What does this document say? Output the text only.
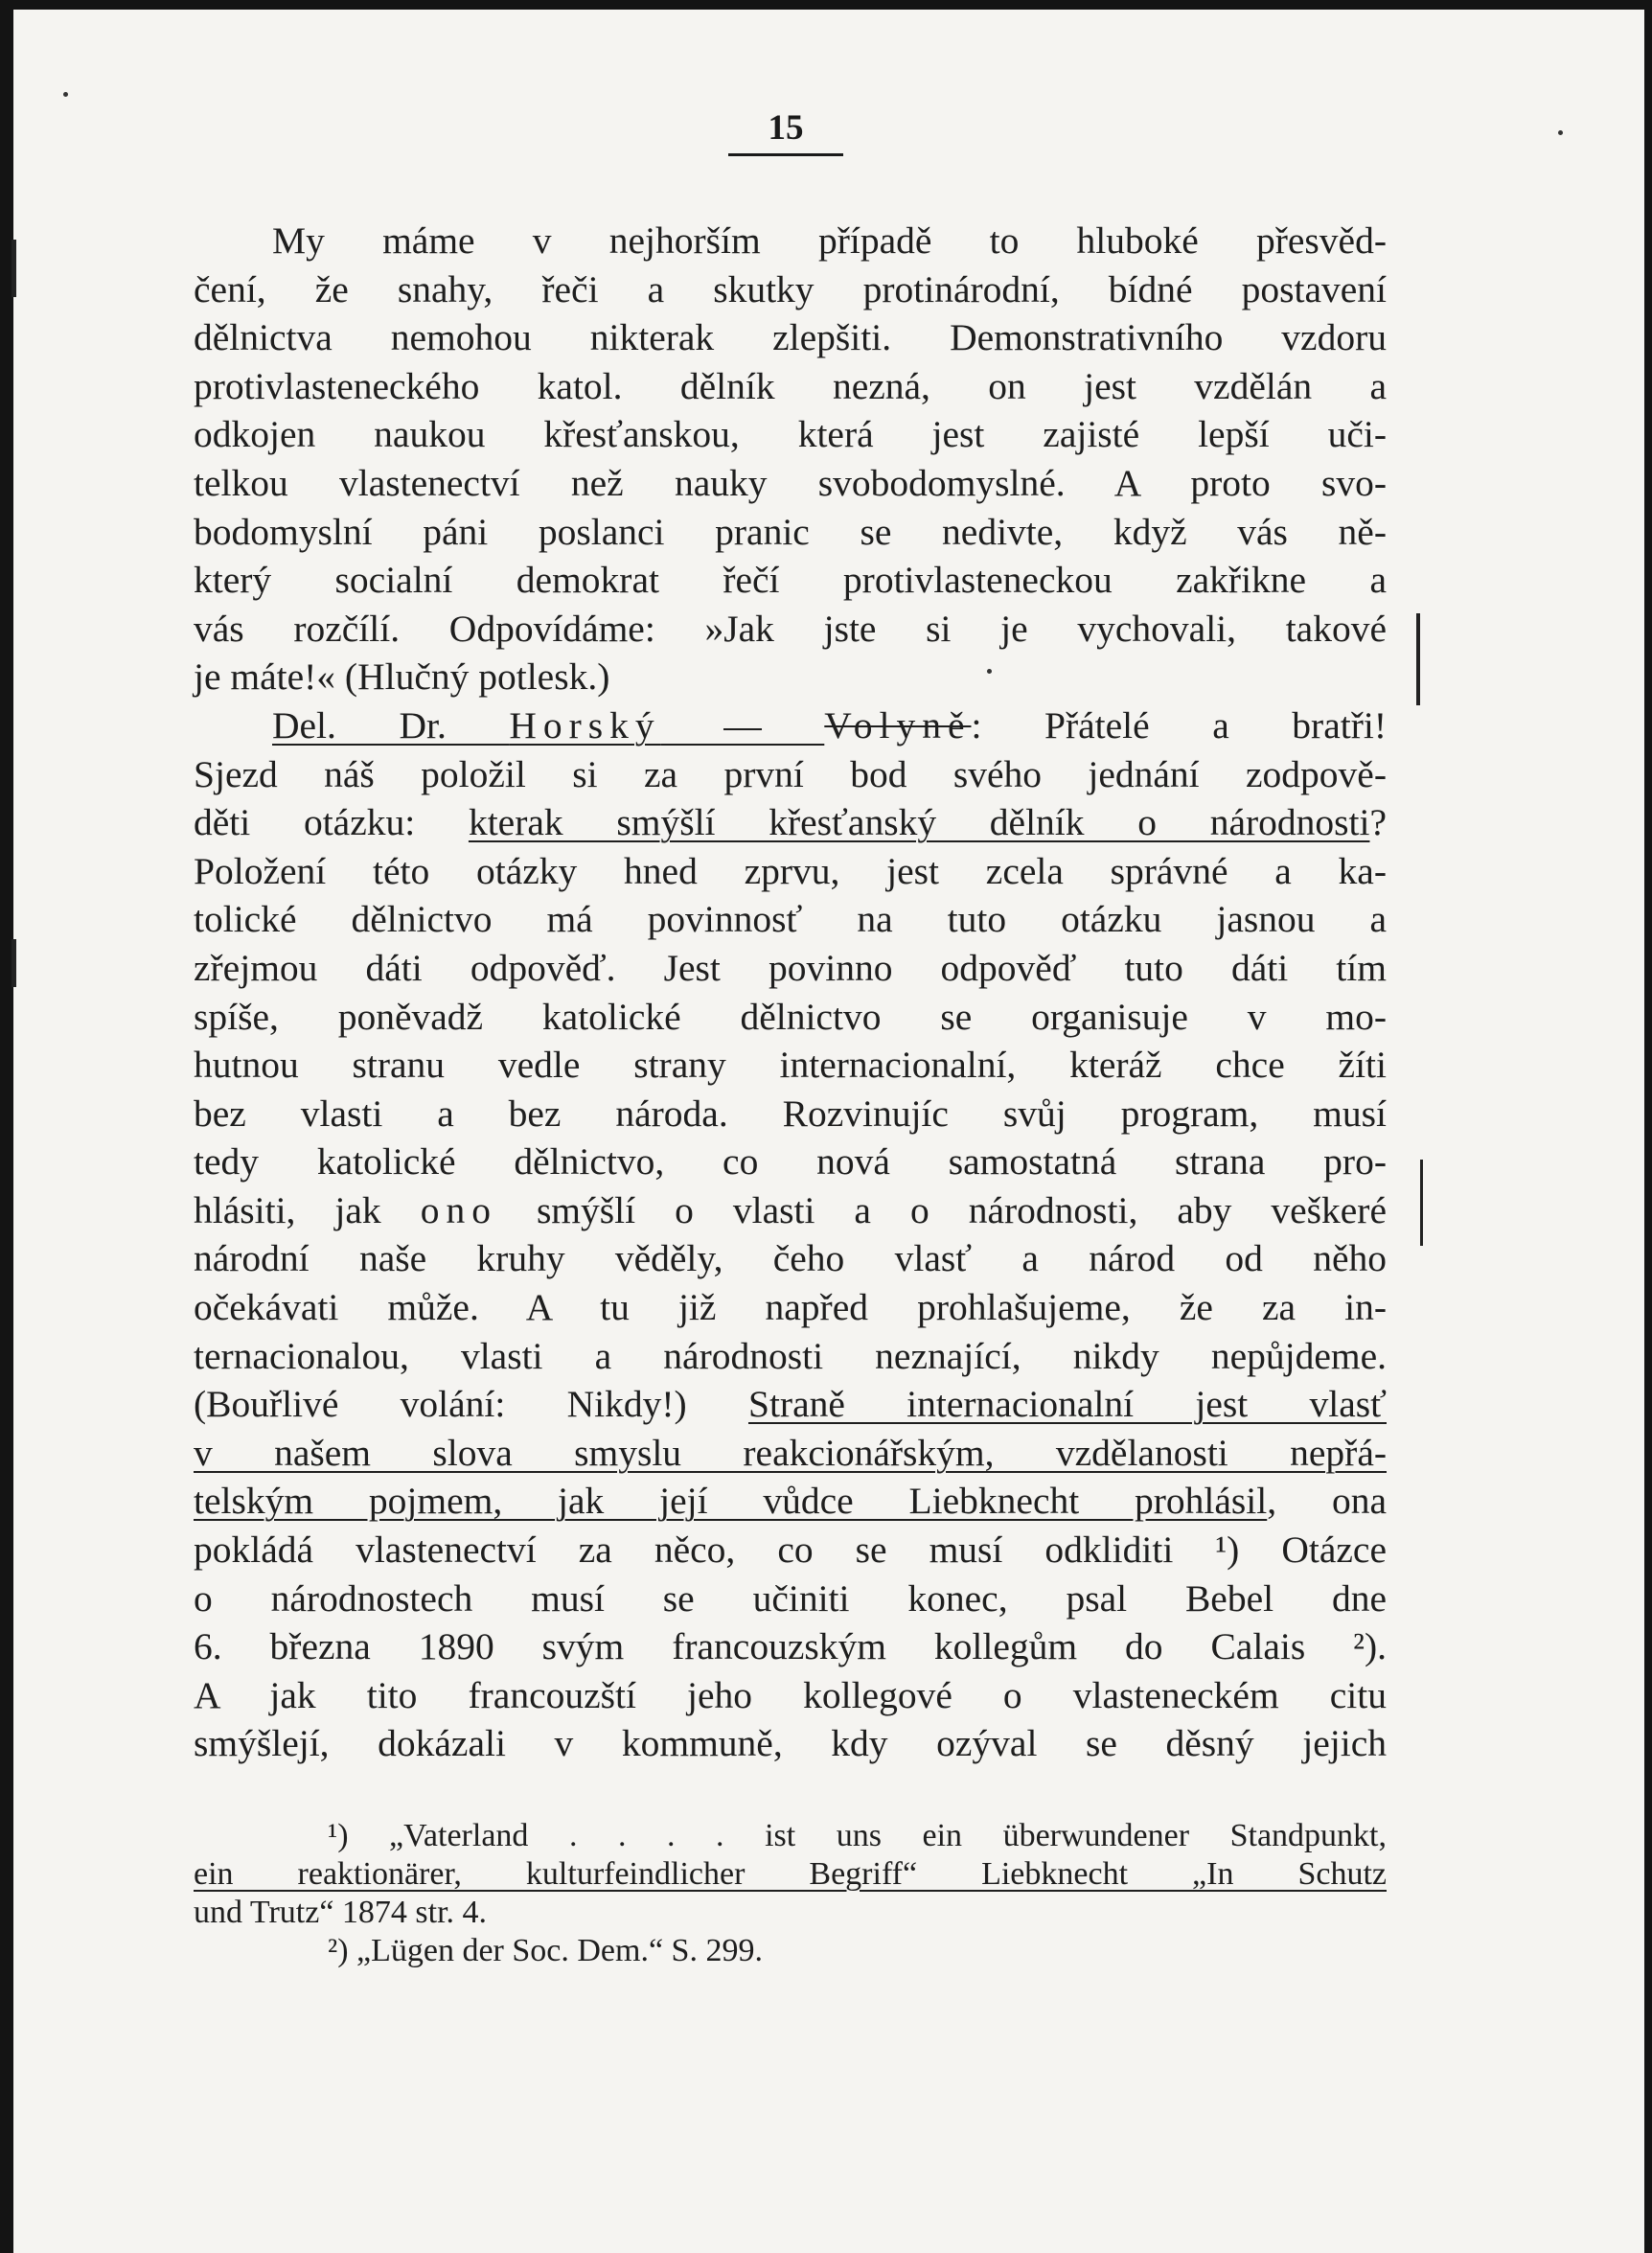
15
My máme v nejhorším případě to hluboké přesvěd-
čení, že snahy, řeči a skutky protinárodní, bídné postavení
dělnictva nemohou nikterak zlepšiti. Demonstrativního vzdoru
protivlasteneckého katol. dělník nezná, on jest vzdělán a
odkojen naukou křesťanskou, která jest zajisté lepší uči-
telkou vlastenectví než nauky svobodomyslné. A proto svo-
bodomyslní páni poslanci pranic se nedivte, když vás ně-
který socialní demokrat řečí protivlasteneckou zakřikne a
vás rozčílí. Odpovídáme: »Jak jste si je vychovali, takové
je máte!« (Hlučný potlesk.)
Del. Dr. Horský — Volyně: Přátelé a bratři!
Sjezd náš položil si za první bod svého jednání zodpově-
děti otázku: kterak smýšlí křesťanský dělník o národnosti?
Položení této otázky hned zprvu, jest zcela správné a ka-
tolické dělnictvo má povinnosť na tuto otázku jasnou a
zřejmou dáti odpověď. Jest povinno odpověď tuto dáti tím
spíše, poněvadž katolické dělnictvo se organisuje v mo-
hutnou stranu vedle strany internacionalní, kteráž chce žíti
bez vlasti a bez národa. Rozvinujíc svůj program, musí
tedy katolické dělnictvo, co nová samostatná strana pro-
hlásiti, jak ono smýšlí o vlasti a o národnosti, aby veškeré
národní naše kruhy věděly, čeho vlasť a národ od něho
očekávati může. A tu již napřed prohlašujeme, že za in-
ternacionalou, vlasti a národnosti neznající, nikdy nepůjdeme.
(Bouřlivé volání: Nikdy!) Straně internacionalní jest vlasť
v našem slova smyslu reakcionářským, vzdělanosti nepřá-
telským pojmem, jak její vůdce Liebknecht prohlásil, ona
pokládá vlastenectví za něco, co se musí odkliditi ¹) Otázce
o národnostech musí se učiniti konec, psal Bebel dne
6. března 1890 svým francouzským kollegům do Calais ²).
A jak tito francouzští jeho kollegové o vlasteneckém citu
smýšlejí, dokázali v kommuně, kdy ozýval se děsný jejich
¹) „Vaterland . . . . ist uns ein überwundener Standpunkt,
ein reaktionärer, kulturfeindlicher Begriff“ Liebknecht „In Schutz
und Trutz“ 1874 str. 4.
²) „Lügen der Soc. Dem.“ S. 299.
